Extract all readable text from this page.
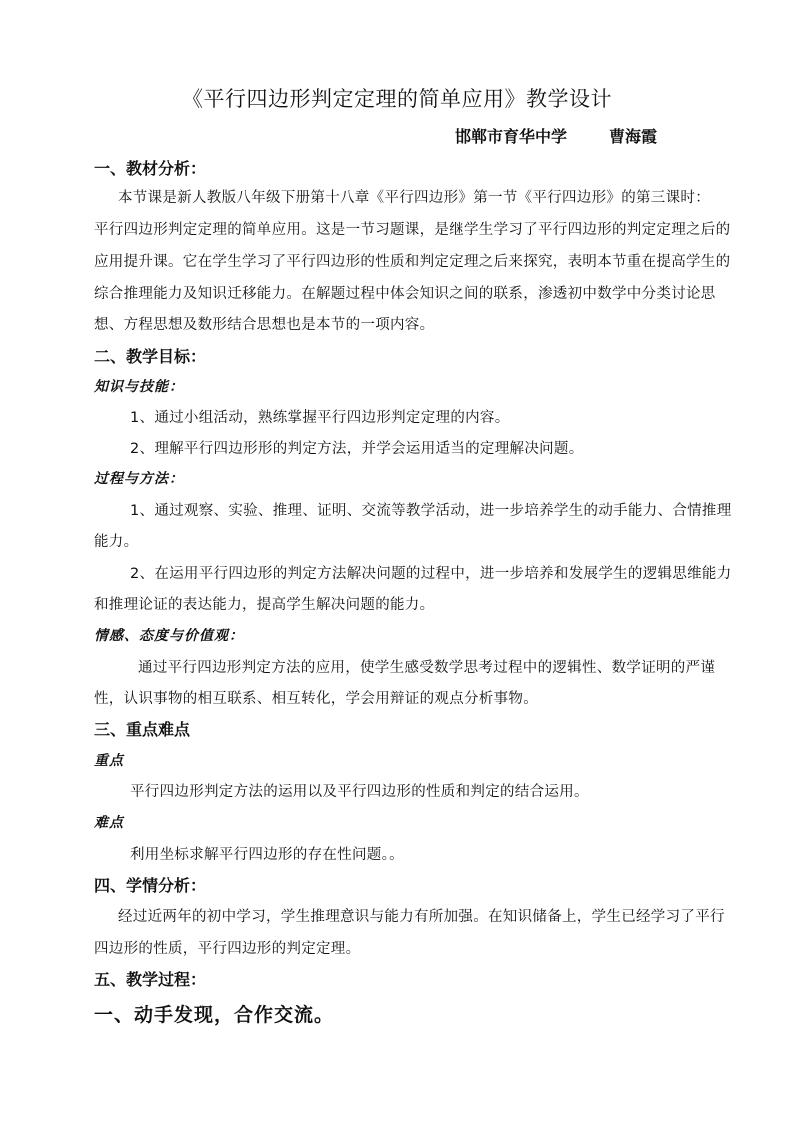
《平行四边形判定定理的简单应用》教学设计
邯郸市育华中学	曹海霞
一、教材分析：
本节课是新人教版八年级下册第十八章《平行四边形》第一节《平行四边形》的第三课时：
平行四边形判定定理的简单应用。这是一节习题课，是继学生学习了平行四边形的判定定理之后的
应用提升课。它在学生学习了平行四边形的性质和判定定理之后来探究，表明本节重在提高学生的
综合推理能力及知识迁移能力。在解题过程中体会知识之间的联系，渗透初中数学中分类讨论思
想、方程思想及数形结合思想也是本节的一项内容。
二、教学目标：
知识与技能：
1、通过小组活动，熟练掌握平行四边形判定定理的内容。
2、理解平行四边形形的判定方法，并学会运用适当的定理解决问题。
过程与方法：
1、通过观察、实验、推理、证明、交流等教学活动，进一步培养学生的动手能力、合情推理
能力。
2、在运用平行四边形的判定方法解决问题的过程中，进一步培养和发展学生的逻辑思维能力
和推理论证的表达能力，提高学生解决问题的能力。
情感、态度与价值观：
通过平行四边形判定方法的应用，使学生感受数学思考过程中的逻辑性、数学证明的严谨
性，认识事物的相互联系、相互转化，学会用辩证的观点分析事物。
三、重点难点
重点
平行四边形判定方法的运用以及平行四边形的性质和判定的结合运用。
难点
利用坐标求解平行四边形的存在性问题。。
四、学情分析：
经过近两年的初中学习，学生推理意识与能力有所加强。在知识储备上，学生已经学习了平行
四边形的性质，平行四边形的判定定理。
五、教学过程：
一、动手发现，合作交流。
